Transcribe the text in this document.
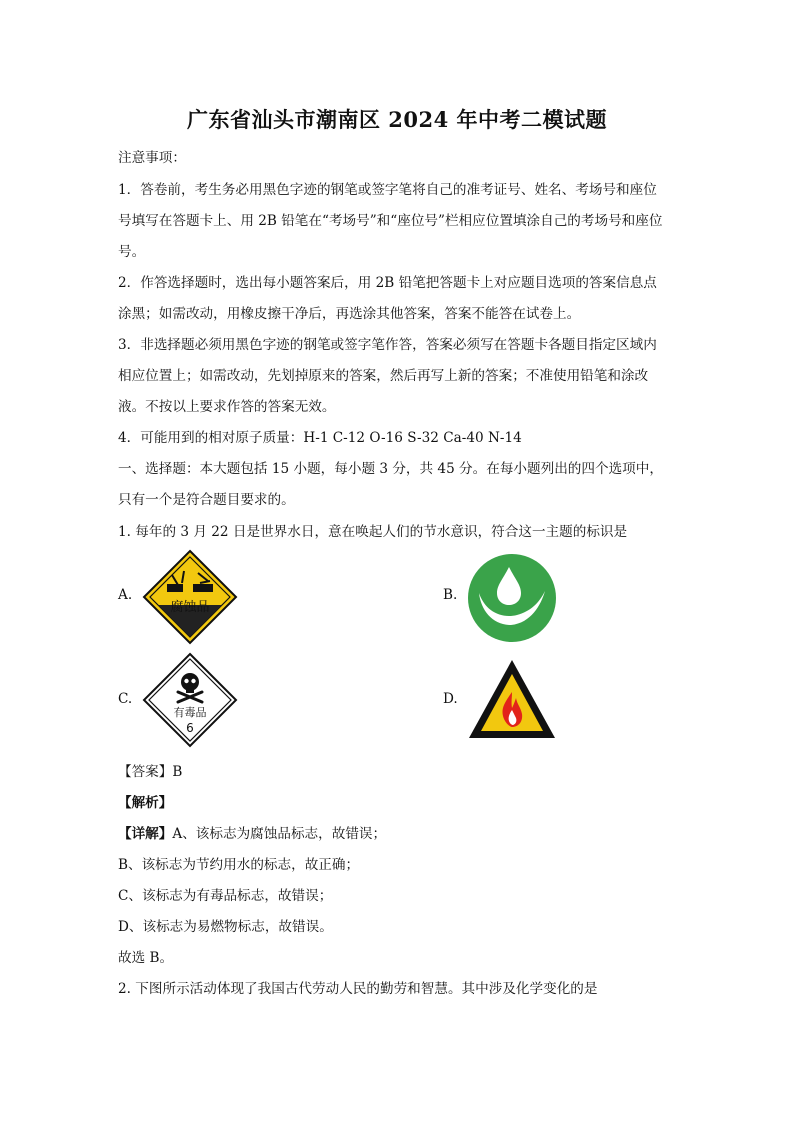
广东省汕头市潮南区 2024 年中考二模试题
注意事项：
1．答卷前，考生务必用黑色字迹的钢笔或签字笔将自己的准考证号、姓名、考场号和座位
号填写在答题卡上、用 2B 铅笔在“考场号”和“座位号”栏相应位置填涂自己的考场号和座位
号。
2．作答选择题时，选出每小题答案后，用 2B 铅笔把答题卡上对应题目选项的答案信息点
涂黑；如需改动，用橡皮擦干净后，再选涂其他答案，答案不能答在试卷上。
3．非选择题必须用黑色字迹的钢笔或签字笔作答，答案必须写在答题卡各题目指定区域内
相应位置上；如需改动，先划掉原来的答案，然后再写上新的答案；不准使用铅笔和涂改
液。不按以上要求作答的答案无效。
4．可能用到的相对原子质量：H-1 C-12 O-16 S-32 Ca-40 N-14
一、选择题：本大题包括 15 小题，每小题 3 分，共 45 分。在每小题列出的四个选项中，
只有一个是符合题目要求的。
1. 每年的 3 月 22 日是世界水日，意在唤起人们的节水意识，符合这一主题的标识是
A.
腐蚀品
B.
C.
有毒品
6
D.
【答案】B
【解析】
【详解】A、该标志为腐蚀品标志，故错误；
B、该标志为节约用水的标志，故正确；
C、该标志为有毒品标志，故错误；
D、该标志为易燃物标志，故错误。
故选 B。
2. 下图所示活动体现了我国古代劳动人民的勤劳和智慧。其中涉及化学变化的是
